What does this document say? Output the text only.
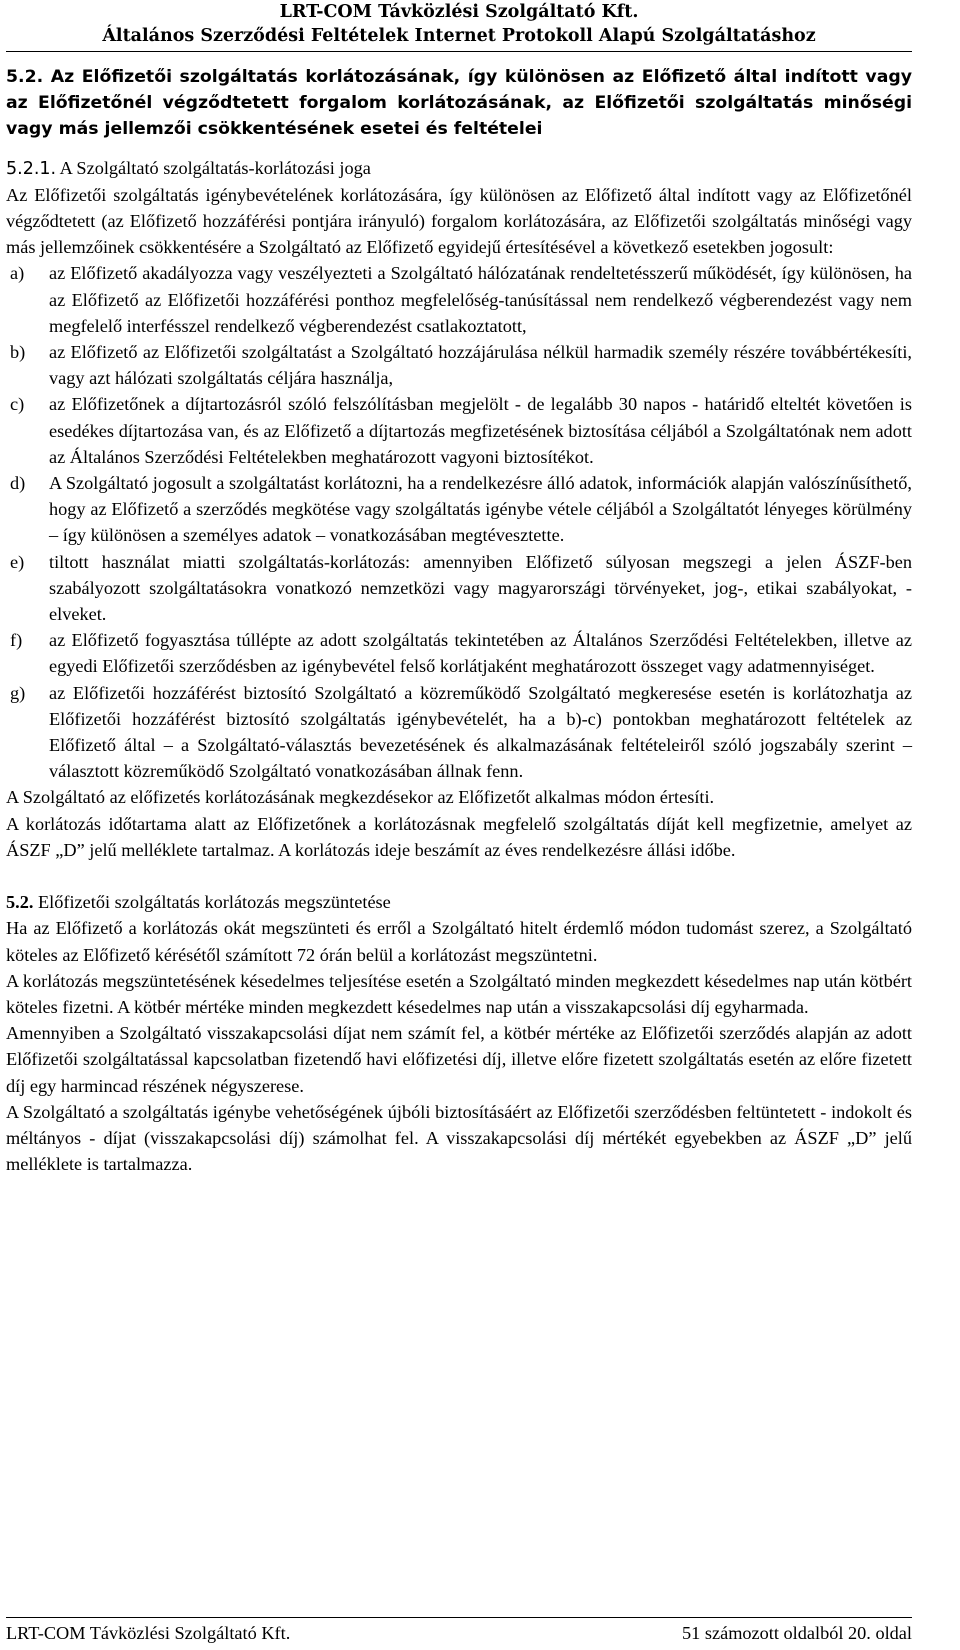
LRT-COM Távközlési Szolgáltató Kft.
Általános Szerződési Feltételek Internet Protokoll Alapú Szolgáltatáshoz

5.2. Az Előfizetői szolgáltatás korlátozásának, így különösen az Előfizető által indított vagy az Előfizetőnél végződtetett forgalom korlátozásának, az Előfizetői szolgáltatás minőségi vagy más jellemzői csökkentésének esetei és feltételei

5.2.1. A Szolgáltató szolgáltatás-korlátozási joga

Az Előfizetői szolgáltatás igénybevételének korlátozására, így különösen az Előfizető által indított vagy az Előfizetőnél végződtetett (az Előfizető hozzáférési pontjára irányuló) forgalom korlátozására, az Előfizetői szolgáltatás minőségi vagy más jellemzőinek csökkentésére a Szolgáltató az Előfizető egyidejű értesítésével a következő esetekben jogosult:

a) az Előfizető akadályozza vagy veszélyezteti a Szolgáltató hálózatának rendeltetésszerű működését, így különösen, ha az Előfizető az Előfizetői hozzáférési ponthoz megfelelőség-tanúsítással nem rendelkező végberendezést vagy nem megfelelő interfésszel rendelkező végberendezést csatlakoztatott,
b) az Előfizető az Előfizetői szolgáltatást a Szolgáltató hozzájárulása nélkül harmadik személy részére továbbértékesíti, vagy azt hálózati szolgáltatás céljára használja,
c) az Előfizetőnek a díjtartozásról szóló felszólításban megjelölt - de legalább 30 napos - határidő elteltét követően is esedékes díjtartozása van, és az Előfizető a díjtartozás megfizetésének biztosítása céljából a Szolgáltatónak nem adott az Általános Szerződési Feltételekben meghatározott vagyoni biztosítékot.
d) A Szolgáltató jogosult a szolgáltatást korlátozni, ha a rendelkezésre álló adatok, információk alapján valószínűsíthető, hogy az Előfizető a szerződés megkötése vagy szolgáltatás igénybe vétele céljából a Szolgáltatót lényeges körülmény – így különösen a személyes adatok – vonatkozásában megtévesztette.
e) tiltott használat miatti szolgáltatás-korlátozás: amennyiben Előfizető súlyosan megszegi a jelen ÁSZF-ben szabályozott szolgáltatásokra vonatkozó nemzetközi vagy magyarországi törvényeket, jog-, etikai szabályokat, -elveket.
f) az Előfizető fogyasztása túllépte az adott szolgáltatás tekintetében az Általános Szerződési Feltételekben, illetve az egyedi Előfizetői szerződésben az igénybevétel felső korlátjaként meghatározott összeget vagy adatmennyiséget.
g) az Előfizetői hozzáférést biztosító Szolgáltató a közreműködő Szolgáltató megkeresése esetén is korlátozhatja az Előfizetői hozzáférést biztosító szolgáltatás igénybevételét, ha a b)-c) pontokban meghatározott feltételek az Előfizető által – a Szolgáltató-választás bevezetésének és alkalmazásának feltételeiről szóló jogszabály szerint – választott közreműködő Szolgáltató vonatkozásában állnak fenn.

A Szolgáltató az előfizetés korlátozásának megkezdésekor az Előfizetőt alkalmas módon értesíti.

A korlátozás időtartama alatt az Előfizetőnek a korlátozásnak megfelelő szolgáltatás díját kell megfizetnie, amelyet az ÁSZF „D” jelű melléklete tartalmaz. A korlátozás ideje beszámít az éves rendelkezésre állási időbe.

5.2. Előfizetői szolgáltatás korlátozás megszüntetése

Ha az Előfizető a korlátozás okát megszünteti és erről a Szolgáltató hitelt érdemlő módon tudomást szerez, a Szolgáltató köteles az Előfizető kérésétől számított 72 órán belül a korlátozást megszüntetni.

A korlátozás megszüntetésének késedelmes teljesítése esetén a Szolgáltató minden megkezdett késedelmes nap után kötbért köteles fizetni. A kötbér mértéke minden megkezdett késedelmes nap után a visszakapcsolási díj egyharmada.

Amennyiben a Szolgáltató visszakapcsolási díjat nem számít fel, a kötbér mértéke az Előfizetői szerződés alapján az adott Előfizetői szolgáltatással kapcsolatban fizetendő havi előfizetési díj, illetve előre fizetett szolgáltatás esetén az előre fizetett díj egy harmincad részének négyszerese.

A Szolgáltató a szolgáltatás igénybe vehetőségének újbóli biztosításáért az Előfizetői szerződésben feltüntetett - indokolt és méltányos - díjat (visszakapcsolási díj) számolhat fel. A visszakapcsolási díj mértékét egyebekben az ÁSZF „D” jelű melléklete is tartalmazza.

LRT-COM Távközlési Szolgáltató Kft.	51 számozott oldalból 20. oldal
